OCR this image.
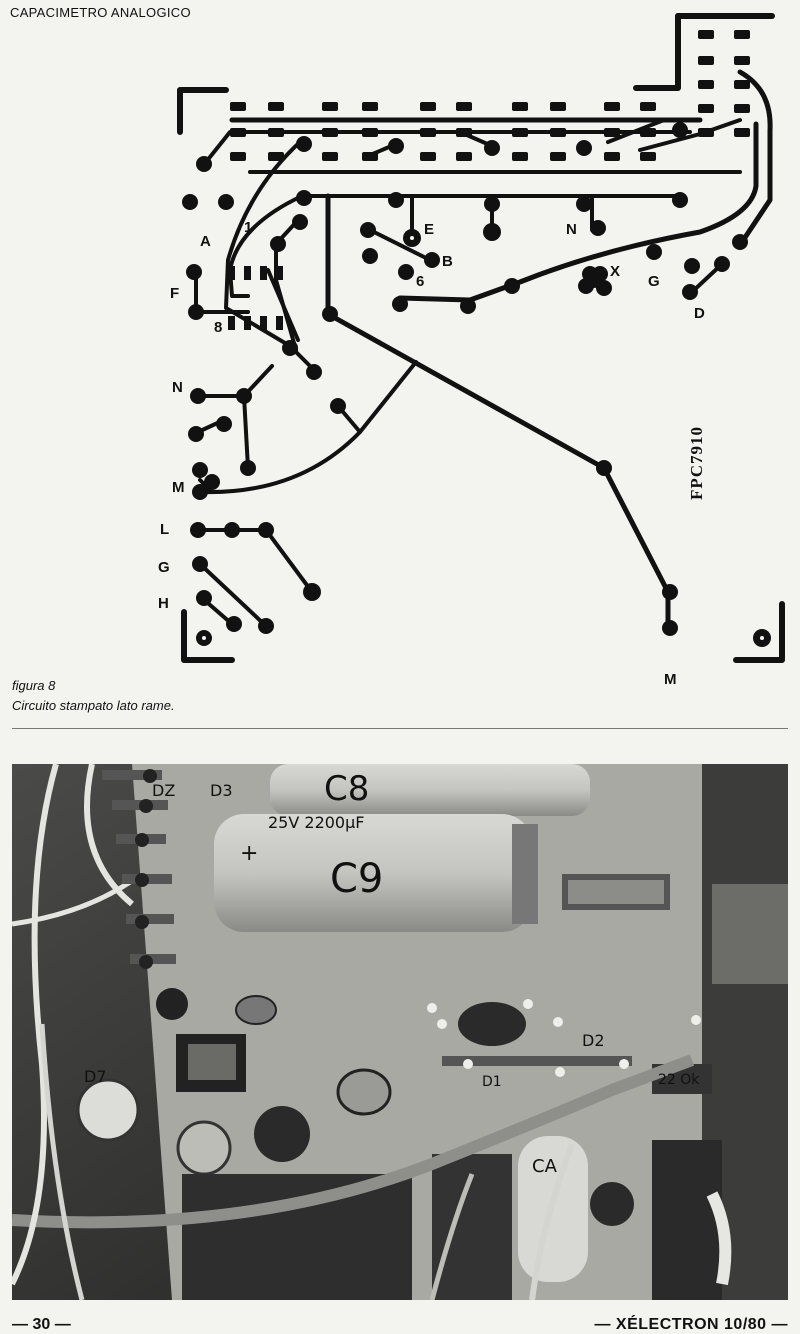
CAPACIMETRO ANALOGICO
A
1	E
B
6
N
X
G
D
F
8
N
M
L
G
H
M
FPC7910
figura 8
Circuito stampato lato rame.
C8
C9
25V 2200µF
+
CA
D2
D1
D7	22 Ok
DZ D3
— 30 —	— XÉLECTRON 10/80 —
